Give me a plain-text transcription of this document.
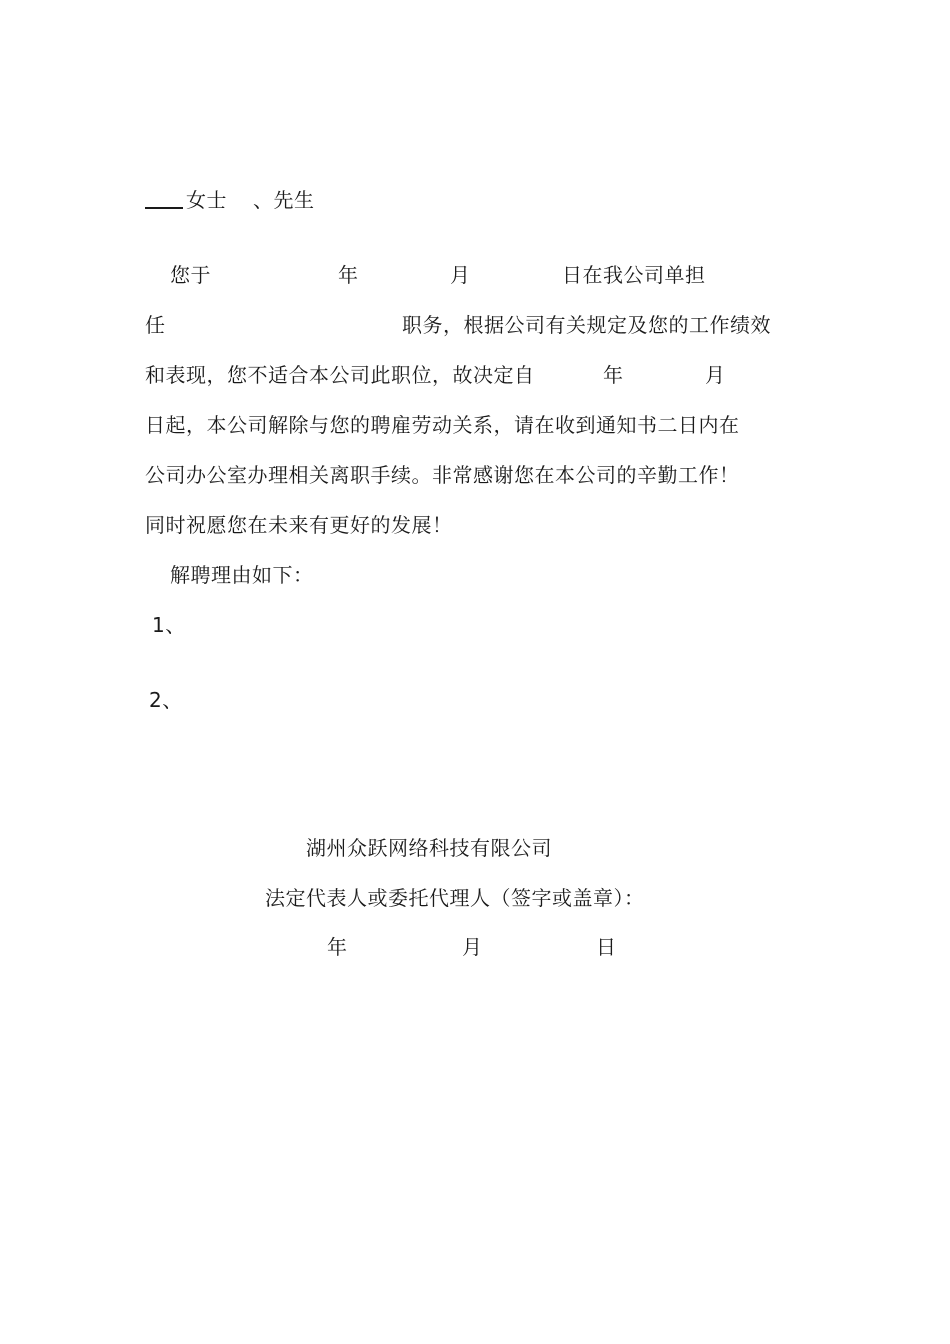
女士 、先生
您于	年	月	日在我公司单担
任	职务，根据公司有关规定及您的工作绩效
和表现，您不适合本公司此职位，故决定自	年	月
日起，本公司解除与您的聘雇劳动关系，请在收到通知书二日内在
公司办公室办理相关离职手续。非常感谢您在本公司的辛勤工作！
同时祝愿您在未来有更好的发展！
解聘理由如下：
1、
2、
湖州众跃网络科技有限公司
法定代表人或委托代理人（签字或盖章）：
年	月	日
